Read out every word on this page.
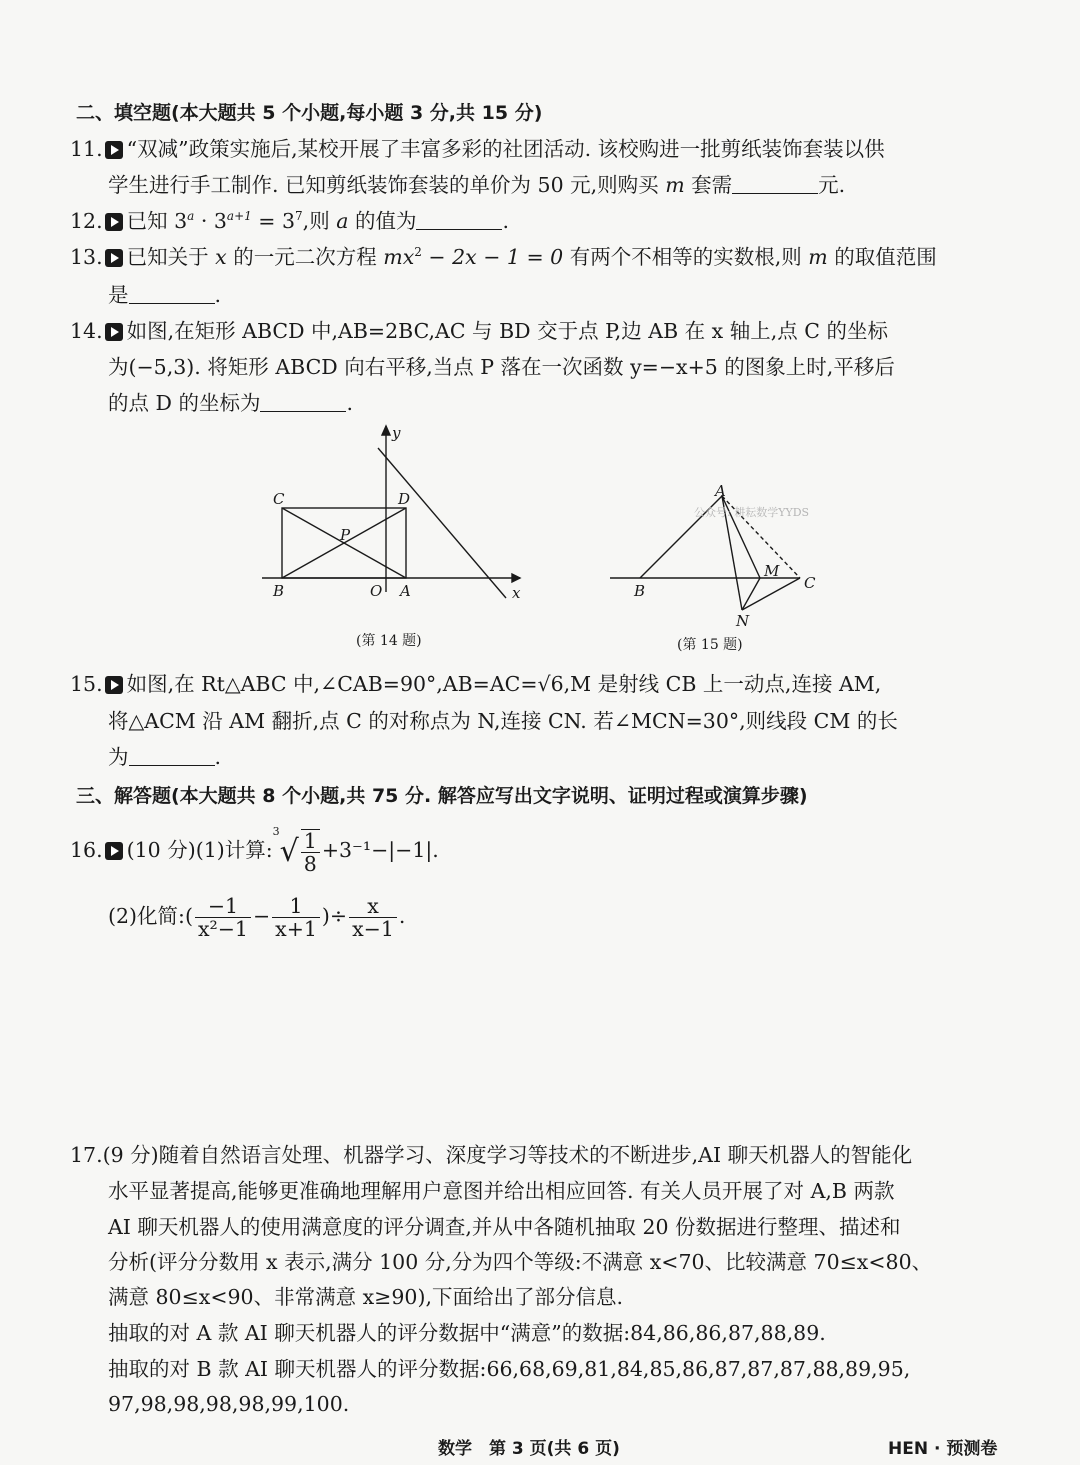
二、填空题(本大题共 5 个小题,每小题 3 分,共 15 分)
11. “双减”政策实施后,某校开展了丰富多彩的社团活动. 该校购进一批剪纸装饰套装以供
学生进行手工制作. 已知剪纸装饰套装的单价为 50 元,则购买 m 套需	元.
12. 已知 $3^a \cdot 3^{a+1} = 3^7$,则 a 的值为	.
13. 已知关于 x 的一元二次方程 $mx^2 - 2x - 1 = 0$ 有两个不相等的实数根,则 m 的取值范围
是	.
14. 如图,在矩形 ABCD 中,AB=2BC,AC 与 BD 交于点 P,边 AB 在 x 轴上,点 C 的坐标
为(−5,3). 将矩形 ABCD 向右平移,当点 P 落在一次函数 y=−x+5 的图象上时,平移后
的点 D 的坐标为	.
y
x
C	D
P
B	O A
A
B
M
C
N
公众号: 耕耘数学YYDS
(第 14 题)	(第 15 题)
15. 如图,在 Rt△ABC 中,∠CAB=90°,AB=AC=√6,M 是射线 CB 上一动点,连接 AM,
将△ACM 沿 AM 翻折,点 C 的对称点为 N,连接 CN. 若∠MCN=30°,则线段 CM 的长
为	.
三、解答题(本大题共 8 个小题,共 75 分. 解答应写出文字说明、证明过程或演算步骤)
16. (10 分)(1)计算:$^3$√ $\frac{1}{8} +3^{-1}-|-1|$.
(2)化简:( $\frac{-1}{\text{x²−1}} - \frac{1}{x+1}$ )÷ $\frac{x}{x-1}$ .
17.(9 分)随着自然语言处理、机器学习、深度学习等技术的不断进步,AI 聊天机器人的智能化
水平显著提高,能够更准确地理解用户意图并给出相应回答. 有关人员开展了对 A,B 两款
AI 聊天机器人的使用满意度的评分调查,并从中各随机抽取 20 份数据进行整理、描述和
分析(评分分数用 x 表示,满分 100 分,分为四个等级:不满意 x<70、比较满意 70≤x<80、
满意 80≤x<90、非常满意 x≥90),下面给出了部分信息.
抽取的对 A 款 AI 聊天机器人的评分数据中“满意”的数据:84,86,86,87,88,89.
抽取的对 B 款 AI 聊天机器人的评分数据:66,68,69,81,84,85,86,87,87,87,88,89,95,
97,98,98,98,98,99,100.
数学　第 3 页(共 6 页)	HEN · 预测卷
